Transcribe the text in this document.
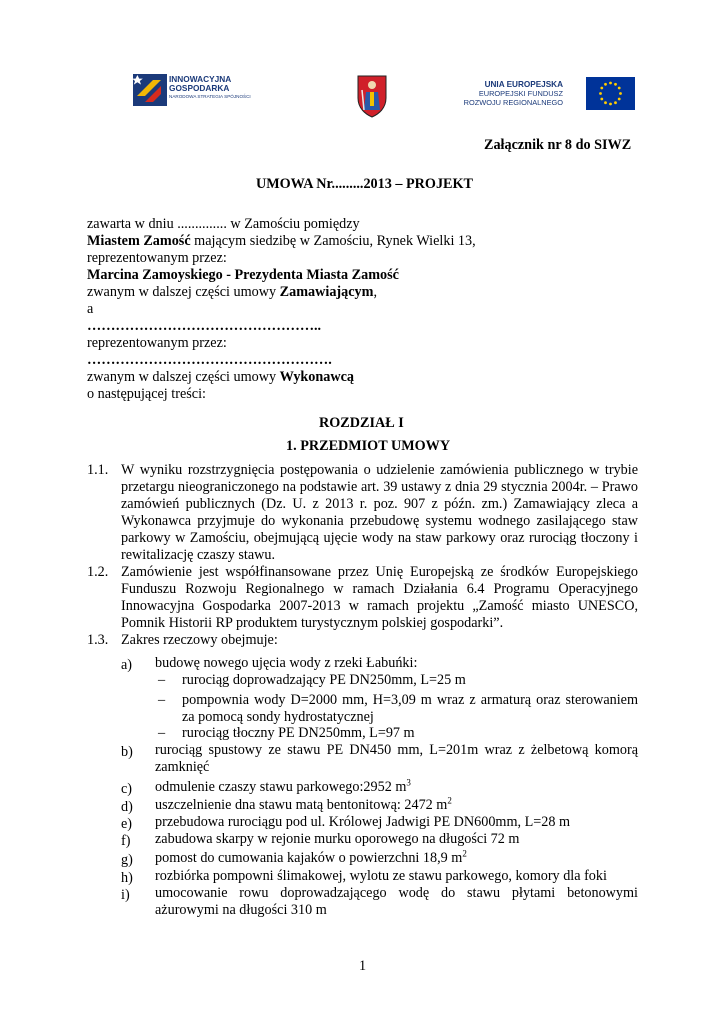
INNOWACYJNA
GOSPODARKA
NARODOWA STRATEGIA SPÓJNOŚCI
UNIA EUROPEJSKA
EUROPEJSKI FUNDUSZ
ROZWOJU REGIONALNEGO
Załącznik nr 8 do SIWZ
UMOWA Nr.........2013 – PROJEKT
zawarta w dniu .............. w Zamościu pomiędzy
Miastem Zamość mającym siedzibę w Zamościu, Rynek Wielki 13,
reprezentowanym przez:
Marcina Zamoyskiego - Prezydenta Miasta Zamość
zwanym w dalszej części umowy Zamawiającym,
a
…………………………………………..
reprezentowanym przez:
…………………………………………….
zwanym w dalszej części umowy Wykonawcą
o następującej treści:
ROZDZIAŁ I
1. PRZEDMIOT UMOWY
1.1. W wyniku rozstrzygnięcia postępowania o udzielenie zamówienia publicznego w trybie przetargu nieograniczonego na podstawie art. 39 ustawy z dnia 29 stycznia 2004r. – Prawo zamówień publicznych (Dz. U. z 2013 r. poz. 907 z późn. zm.) Zamawiający zleca a Wykonawca przyjmuje do wykonania przebudowę systemu wodnego zasilającego staw parkowy w Zamościu, obejmującą ujęcie wody na staw parkowy oraz rurociąg tłoczony i rewitalizację czaszy stawu.
1.2. Zamówienie jest współfinansowane przez Unię Europejską ze środków Europejskiego Funduszu Rozwoju Regionalnego w ramach Działania 6.4 Programu Operacyjnego Innowacyjna Gospodarka 2007-2013 w ramach projektu „Zamość miasto UNESCO, Pomnik Historii RP produktem turystycznym polskiej gospodarki”.
1.3. Zakres rzeczowy obejmuje:
a) budowę nowego ujęcia wody z rzeki Łabuńki:
– rurociąg doprowadzający PE DN250mm, L=25 m
– pompownia wody D=2000 mm, H=3,09 m wraz z armaturą oraz sterowaniem za pomocą sondy hydrostatycznej
– rurociąg tłoczny PE DN250mm, L=97 m
b) rurociąg spustowy ze stawu PE DN450 mm, L=201m wraz z żelbetową komorą zamknięć
c) odmulenie czaszy stawu parkowego:2952 $m^3$
d) uszczelnienie dna stawu matą bentonitową: 2472 $m^2$
e) przebudowa rurociągu pod ul. Królowej Jadwigi PE DN600mm, L=28 m
f) zabudowa skarpy w rejonie murku oporowego na długości 72 m
g) pomost do cumowania kajaków o powierzchni 18,9 $m^2$
h) rozbiórka pompowni ślimakowej, wylotu ze stawu parkowego, komory dla foki
i) umocowanie rowu doprowadzającego wodę do stawu płytami betonowymi ażurowymi na długości 310 m
1
